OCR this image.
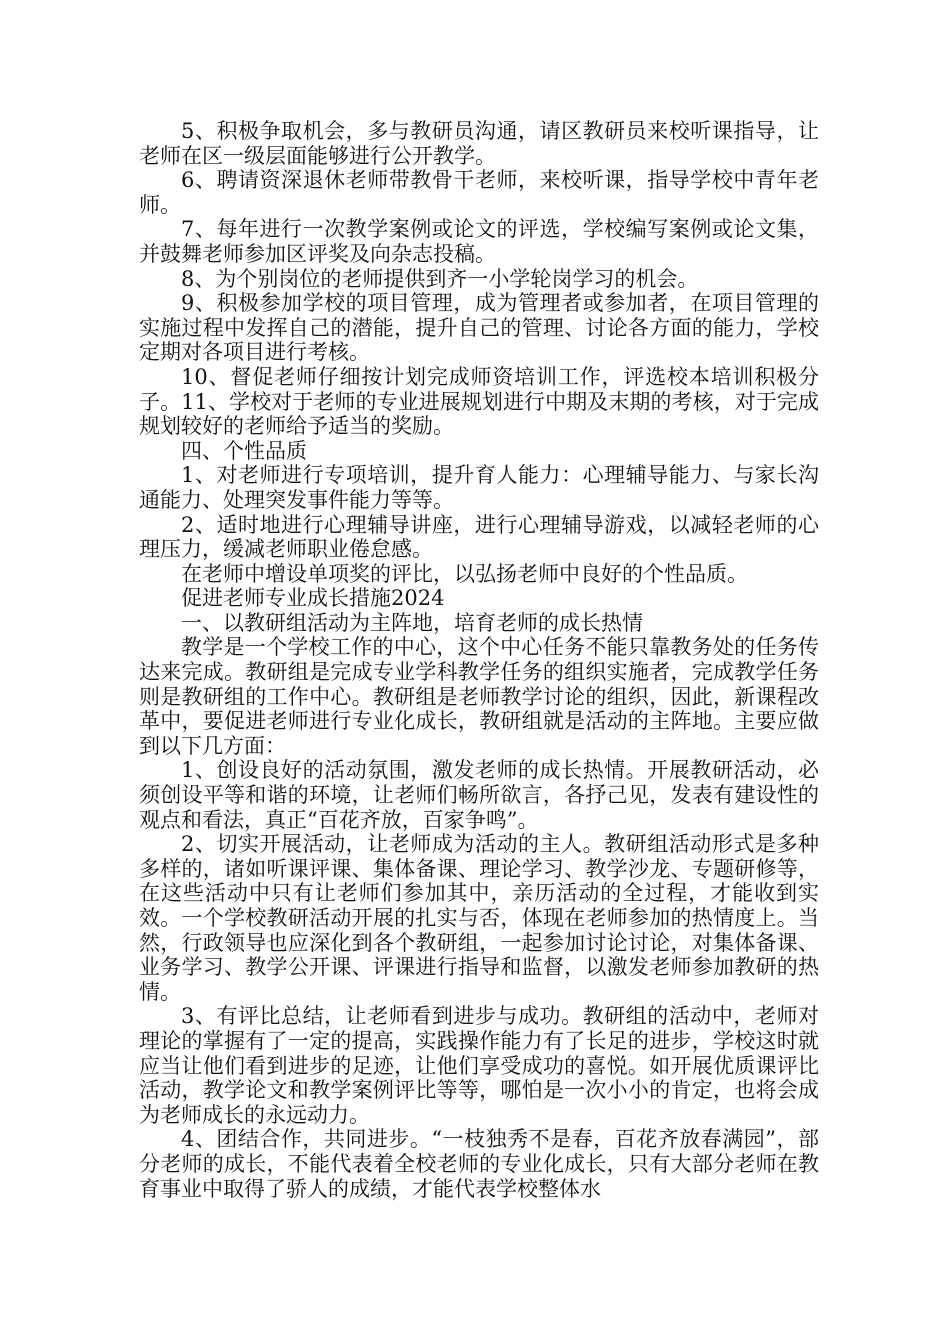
5、积极争取机会，多与教研员沟通，请区教研员来校听课指导，让老师在区一级层面能够进行公开教学。

6、聘请资深退休老师带教骨干老师，来校听课，指导学校中青年老师。

7、每年进行一次教学案例或论文的评选，学校编写案例或论文集，并鼓舞老师参加区评奖及向杂志投稿。

8、为个别岗位的老师提供到齐一小学轮岗学习的机会。

9、积极参加学校的项目管理，成为管理者或参加者，在项目管理的实施过程中发挥自己的潜能，提升自己的管理、讨论各方面的能力，学校定期对各项目进行考核。

10、督促老师仔细按计划完成师资培训工作，评选校本培训积极分子。11、学校对于老师的专业进展规划进行中期及末期的考核，对于完成规划较好的老师给予适当的奖励。

四、个性品质

1、对老师进行专项培训，提升育人能力：心理辅导能力、与家长沟通能力、处理突发事件能力等等。

2、适时地进行心理辅导讲座，进行心理辅导游戏，以减轻老师的心理压力，缓减老师职业倦怠感。

在老师中增设单项奖的评比，以弘扬老师中良好的个性品质。

促进老师专业成长措施2024

一、以教研组活动为主阵地，培育老师的成长热情

教学是一个学校工作的中心，这个中心任务不能只靠教务处的任务传达来完成。教研组是完成专业学科教学任务的组织实施者，完成教学任务则是教研组的工作中心。教研组是老师教学讨论的组织，因此，新课程改革中，要促进老师进行专业化成长，教研组就是活动的主阵地。主要应做到以下几方面：

1、创设良好的活动氛围，激发老师的成长热情。开展教研活动，必须创设平等和谐的环境，让老师们畅所欲言，各抒己见，发表有建设性的观点和看法，真正“百花齐放，百家争鸣”。

2、切实开展活动，让老师成为活动的主人。教研组活动形式是多种多样的，诸如听课评课、集体备课、理论学习、教学沙龙、专题研修等，在这些活动中只有让老师们参加其中，亲历活动的全过程，才能收到实效。一个学校教研活动开展的扎实与否，体现在老师参加的热情度上。当然，行政领导也应深化到各个教研组，一起参加讨论讨论，对集体备课、业务学习、教学公开课、评课进行指导和监督，以激发老师参加教研的热情。

3、有评比总结，让老师看到进步与成功。教研组的活动中，老师对理论的掌握有了一定的提高，实践操作能力有了长足的进步，学校这时就应当让他们看到进步的足迹，让他们享受成功的喜悦。如开展优质课评比活动，教学论文和教学案例评比等等，哪怕是一次小小的肯定，也将会成为老师成长的永远动力。

4、团结合作，共同进步。“一枝独秀不是春，百花齐放春满园”，部分老师的成长，不能代表着全校老师的专业化成长，只有大部分老师在教育事业中取得了骄人的成绩，才能代表学校整体水
